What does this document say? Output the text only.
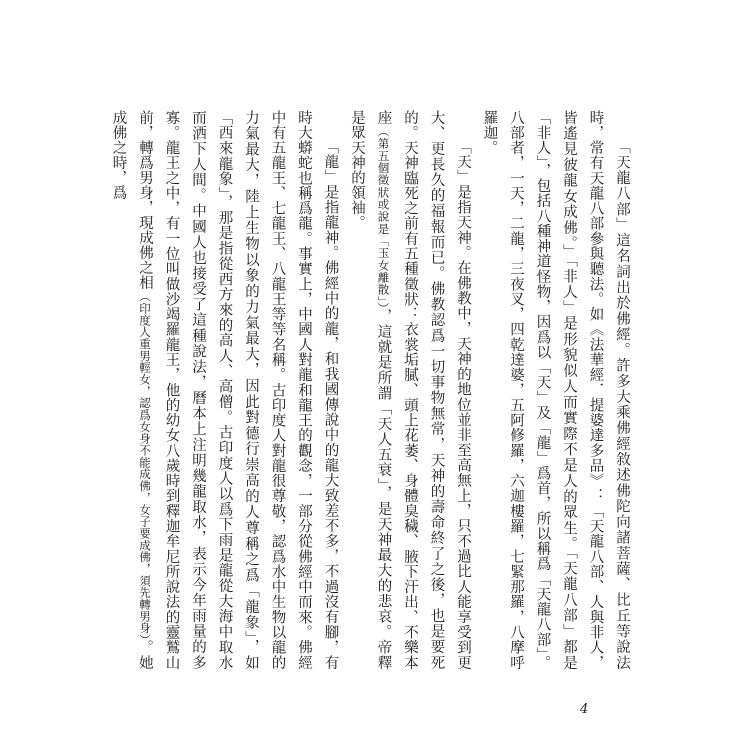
「天龍八部」這名詞出於佛經。許多大乘佛經敘述佛陀向諸菩薩、比丘等說法時，常有天龍八部參與聽法。如《法華經．提婆達多品》：「天龍八部、人與非人，皆遙見彼龍女成佛。」「非人」是形貌似人而實際不是人的眾生。「天龍八部」都是「非人」，包括八種神道怪物，因爲以「天」及「龍」爲首，所以稱爲「天龍八部」。八部者，一天，二龍，三夜叉，四乾達婆，五阿修羅，六迦樓羅，七緊那羅，八摩呼羅迦。

「天」是指天神。在佛教中，天神的地位並非至高無上，只不過比人能享受到更大、更長久的福報而已。佛教認爲一切事物無常，天神的壽命終了之後，也是要死的。天神臨死之前有五種徵狀：衣裳垢膩、頭上花萎、身體臭穢、腋下汗出、不樂本座（第五個徵狀或說是「玉女離散」），這就是所謂「天人五衰」，是天神最大的悲哀。帝釋是眾天神的領袖。

「龍」是指龍神。佛經中的龍，和我國傳說中的龍大致差不多，不過沒有腳，有時大蟒蛇也稱爲龍。事實上，中國人對龍和龍王的觀念，一部分從佛經中而來。佛經中有五龍王、七龍王、八龍王等等名稱。古印度人對龍很尊敬，認爲水中生物以龍的力氣最大，陸上生物以象的力氣最大，因此對德行崇高的人尊稱之爲「龍象」，如「西來龍象」，那是指從西方來的高人、高僧。古印度人以爲下雨是龍從大海中取水而洒下人間。中國人也接受了這種說法，曆本上注明幾龍取水，表示今年雨量的多寡。龍王之中，有一位叫做沙竭羅龍王，他的幼女八歲時到釋迦牟尼所說法的靈鷲山前，轉爲男身，現成佛之相（印度人重男輕女，認爲女身不能成佛，女子要成佛，須先轉男身）。她成佛之時，爲

4
